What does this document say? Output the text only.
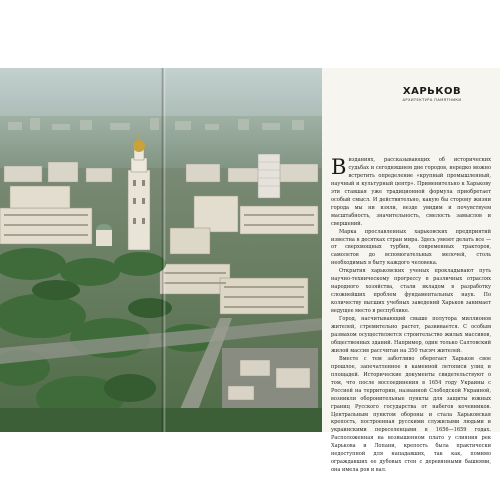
ХАРЬКОВ
АРХИТЕКТУРА ПАМЯТНИКИ

Визданиях, рассказывающих об исторических судьбах и сегодняшнем дне городов, нередко можно встретить определение «крупный промышленный, научный и культурный центр». Применительно к Харькову эти ставшая уже традиционной формула приобретает особый смысл. И действительно, какую бы сторону жизни города мы ни взяли, везде увидим и почувствуем масштабность, значительность, смелость замыслов и свершений.

Марка прославленных харьковских предприятий известна в десятках стран мира. Здесь умеют делать все — от сверхмощных турбин, современных тракторов, самолетов до вспомогательных мелочей, столь необходимых в быту каждого человека.

Открытия харьковских ученых прокладывают путь научно-техническому прогрессу в различных отраслях народного хозяйства, стали вкладом в разработку сложнейших проблем фундаментальных наук. По количеству высших учебных заведений Харьков занимает ведущее место в республике.

Город, насчитывающий свыше полутора миллионов жителей, стремительно растет, развивается. С особым размахом осуществляется строительство жилых массивов, общественных зданий. Например, один только Салтовский жилой массив рассчитан на 350 тысяч жителей.

Вместе с тем заботливо оберегает Харьков свое прошлое, запечатленное в каменной летописи улиц и площадей. Исторические документы свидетельствуют о том, что после воссоединения в 1654 году Украины с Россией на территории, названной Слободской Украиной, возникли оборонительные пункты для защиты южных границ Русского государства от набегов кочевников. Центральным пунктом обороны и стала Харьковская крепость, построенная русскими служилыми людьми и украинскими переселенцами в 1656—1659 годах. Расположенная на возвышенном плато у слияния рек Харькова и Лопани, крепость была практически недоступной для нападавших, так как, помимо ограждавших ее дубовых стен с деревянными башнями, она имела ров и вал.
